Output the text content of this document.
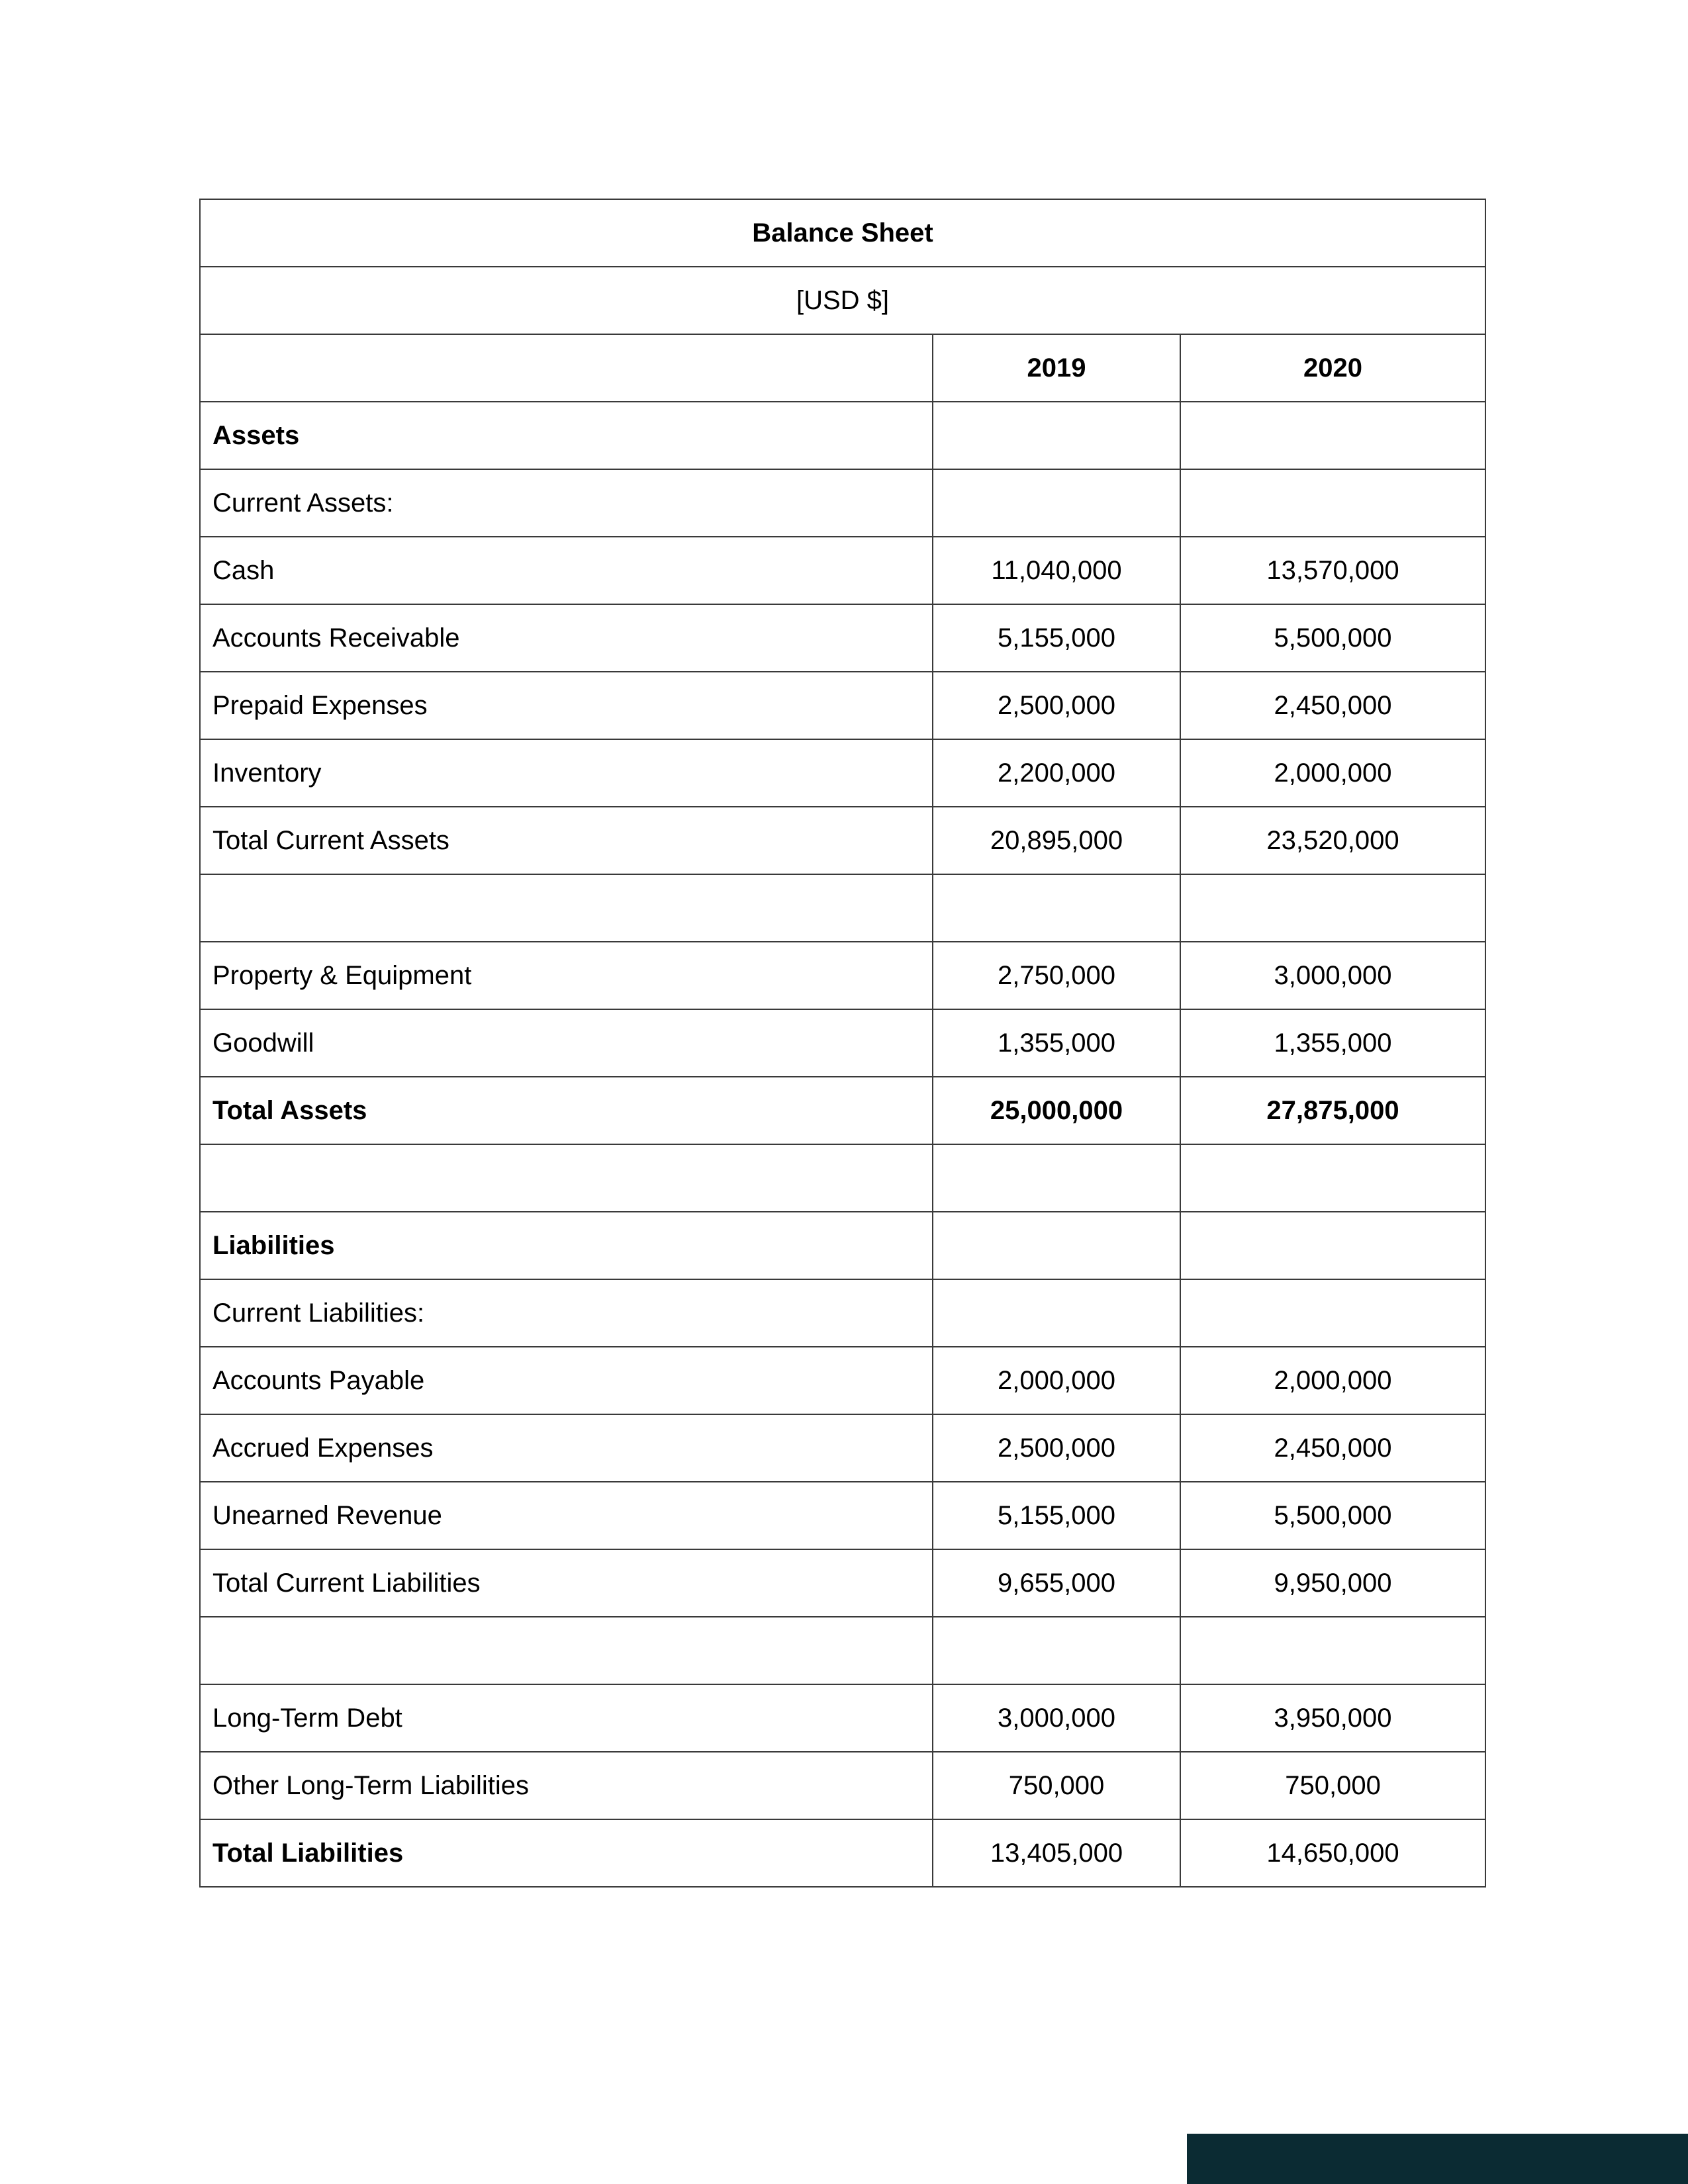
Balance Sheet		
[USD $]		
	2019	2020
Assets		
Current Assets:		
Cash	11,040,000	13,570,000
Accounts Receivable	5,155,000	5,500,000
Prepaid Expenses	2,500,000	2,450,000
Inventory	2,200,000	2,000,000
Total Current Assets	20,895,000	23,520,000

Property & Equipment	2,750,000	3,000,000
Goodwill	1,355,000	1,355,000
Total Assets	25,000,000	27,875,000

Liabilities		
Current Liabilities:		
Accounts Payable	2,000,000	2,000,000
Accrued Expenses	2,500,000	2,450,000
Unearned Revenue	5,155,000	5,500,000
Total Current Liabilities	9,655,000	9,950,000

Long-Term Debt	3,000,000	3,950,000
Other Long-Term Liabilities	750,000	750,000
Total Liabilities	13,405,000	14,650,000
